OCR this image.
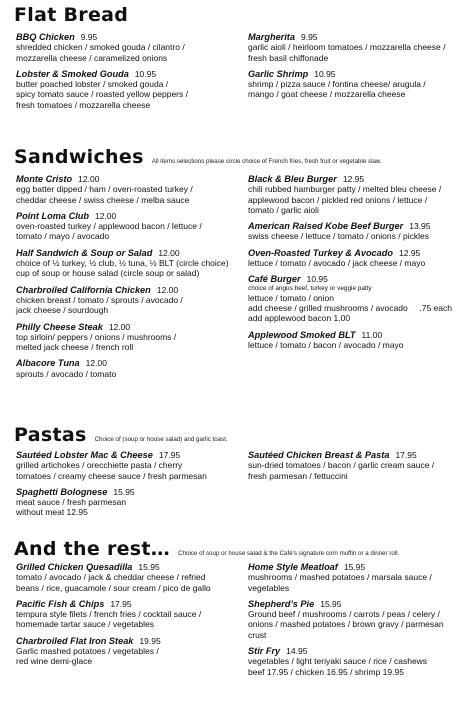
Flat Bread
BBQ Chicken 9.95
shredded chicken / smoked gouda / cilantro /
mozzarella cheese / caramelized onions
Lobster & Smoked Gouda 10.95
butter poached lobster / smoked gouda /
spicy tomato sauce / roasted yellow peppers /
fresh tomatoes / mozzarella cheese
Margherita 9.95
garlic aioli / heirloom tomatoes / mozzarella cheese /
fresh basil chiffonade
Garlic Shrimp 10.95
shrimp / pizza sauce / fontina cheese/ arugula /
mango / goat cheese / mozzarella cheese
Sandwiches All items selections please circle choice of French fries, fresh fruit or vegetable slaw.
Monte Cristo 12.00
egg batter dipped / ham / oven-roasted turkey /
cheddar cheese / swiss cheese / melba sauce
Point Loma Club 12.00
oven-roasted turkey / applewood bacon / lettuce /
tomato / mayo / avocado
Half Sandwich & Soup or Salad 12.00
choice of ½ turkey, ½ club, ½ tuna, ½ BLT (circle choice)
cup of soup or house salad (circle soup or salad)
Charbroiled California Chicken 12.00
chicken breast / tomato / sprouts / avocado /
jack cheese / sourdough
Philly Cheese Steak 12.00
top sirloin/ peppers / onions / mushrooms /
melted jack cheese / french roll
Albacore Tuna 12.00
sprouts / avocado / tomato
Black & Bleu Burger 12.95
chili rubbed hamburger patty / melted bleu cheese /
applewood bacon / pickled red onions / lettuce /
tomato / garlic aioli
American Raised Kobe Beef Burger 13.95
swiss cheese / lettuce / tomato / onions / pickles
Oven-Roasted Turkey & Avocado 12.95
lettuce / tomato / avocado / jack cheese / mayo
Café Burger 10.95
choice of angus beef, turkey or veggie patty
lettuce / tomato / onion
add cheese / grilled mushrooms / avocado .75 each
add applewood bacon 1.00
Applewood Smoked BLT 11.00
lettuce / tomato / bacon / avocado / mayo
Pastas Choice of (soup or house salad) and garlic toast.
Sautéed Lobster Mac & Cheese 17.95
grilled artichokes / orecchiette pasta / cherry
tomatoes / creamy cheese sauce / fresh parmesan
Spaghetti Bolognese 15.95
meat sauce / fresh parmesan
without meat 12.95
Sautéed Chicken Breast & Pasta 17.95
sun-dried tomatoes / bacon / garlic cream sauce /
fresh parmesan / fettuccini
And the rest… Choice of soup or house salad & the Café's signature corn muffin or a dinner roll.
Grilled Chicken Quesadilla 15.95
tomato / avocado / jack & cheddar cheese / refried
beans / rice, guacamole / sour cream / pico de gallo
Pacific Fish & Chips 17.95
tempura style filets / french fries / cocktail sauce /
homemade tartar sauce / vegetables
Charbroiled Flat Iron Steak 19.95
Garlic mashed potatoes / vegetables /
red wine demi-glace
Home Style Meatloaf 15.95
mushrooms / mashed potatoes / marsala sauce /
vegetables
Shepherd’s Pie 15.95
Ground beef / mushrooms / carrots / peas / celery /
onions / mashed potatoes / brown gravy / parmesan
crust
Stir Fry 14.95
vegetables / light teriyaki sauce / rice / cashews
beef 17.95 / chicken 16.95 / shrimp 19.95
